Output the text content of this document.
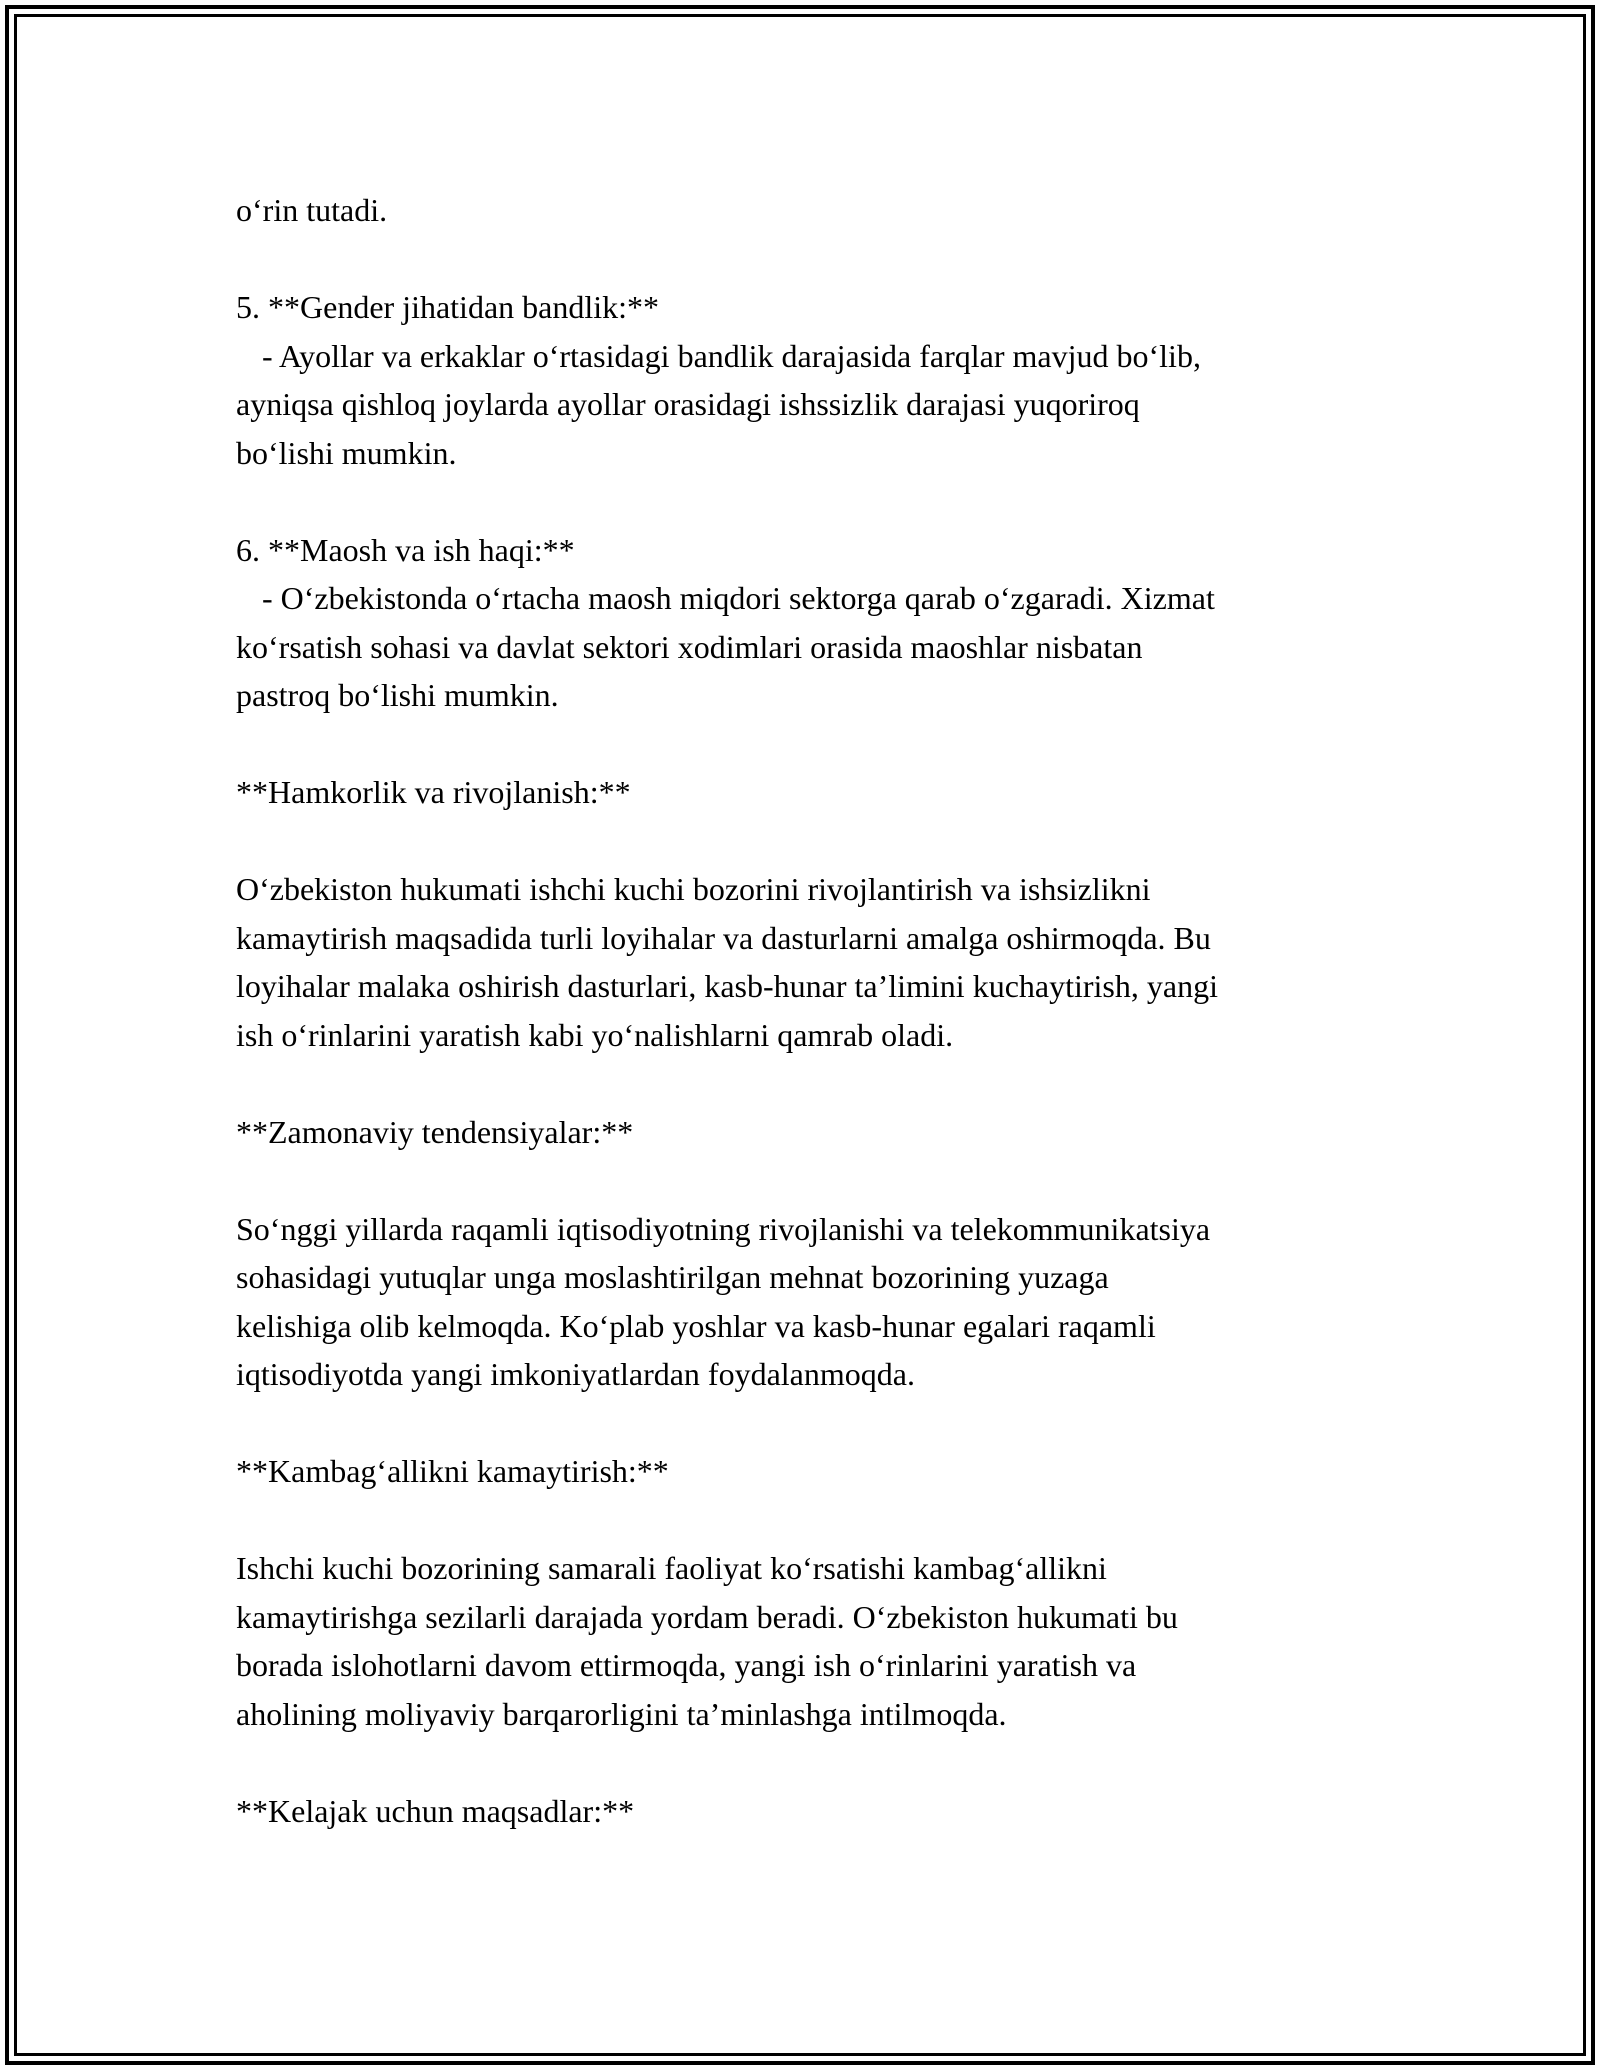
o‘rin tutadi.
5. **Gender jihatidan bandlik:**
- Ayollar va erkaklar o‘rtasidagi bandlik darajasida farqlar mavjud bo‘lib,
ayniqsa qishloq joylarda ayollar orasidagi ishssizlik darajasi yuqoriroq
bo‘lishi mumkin.
6. **Maosh va ish haqi:**
- O‘zbekistonda o‘rtacha maosh miqdori sektorga qarab o‘zgaradi. Xizmat
ko‘rsatish sohasi va davlat sektori xodimlari orasida maoshlar nisbatan
pastroq bo‘lishi mumkin.
**Hamkorlik va rivojlanish:**
O‘zbekiston hukumati ishchi kuchi bozorini rivojlantirish va ishsizlikni
kamaytirish maqsadida turli loyihalar va dasturlarni amalga oshirmoqda. Bu
loyihalar malaka oshirish dasturlari, kasb-hunar ta’limini kuchaytirish, yangi
ish o‘rinlarini yaratish kabi yo‘nalishlarni qamrab oladi.
**Zamonaviy tendensiyalar:**
So‘nggi yillarda raqamli iqtisodiyotning rivojlanishi va telekommunikatsiya
sohasidagi yutuqlar unga moslashtirilgan mehnat bozorining yuzaga
kelishiga olib kelmoqda. Ko‘plab yoshlar va kasb-hunar egalari raqamli
iqtisodiyotda yangi imkoniyatlardan foydalanmoqda.
**Kambag‘allikni kamaytirish:**
Ishchi kuchi bozorining samarali faoliyat ko‘rsatishi kambag‘allikni
kamaytirishga sezilarli darajada yordam beradi. O‘zbekiston hukumati bu
borada islohotlarni davom ettirmoqda, yangi ish o‘rinlarini yaratish va
aholining moliyaviy barqarorligini ta’minlashga intilmoqda.
**Kelajak uchun maqsadlar:**
